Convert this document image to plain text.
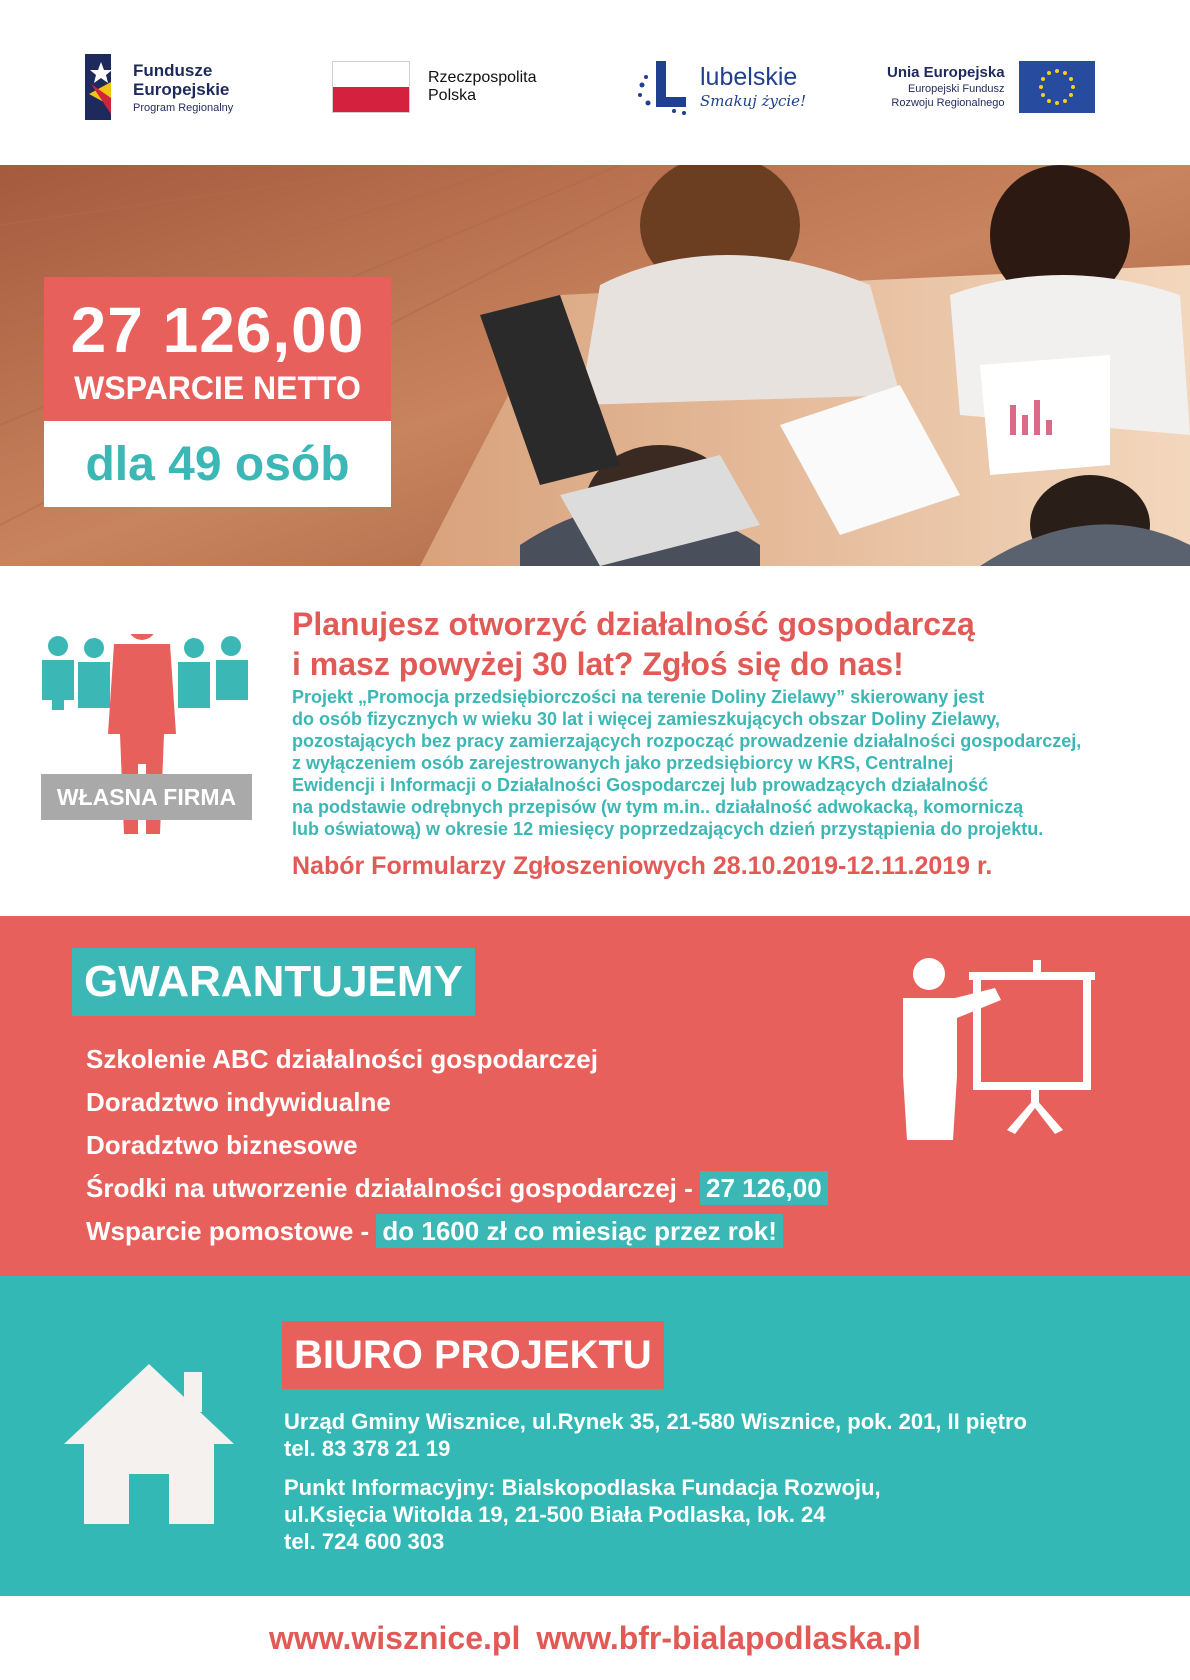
Fundusze
Europejskie
Program Regionalny
Rzeczpospolita
Polska
lubelskie
Smakuj życie!
Unia Europejska
Europejski Fundusz
Rozwoju Regionalnego
27 126,00
WSPARCIE NETTO
dla 49 osób
WŁASNA FIRMA
Planujesz otworzyć działalność gospodarczą
i masz powyżej 30 lat? Zgłoś się do nas!
Projekt „Promocja przedsiębiorczości na terenie Doliny Zielawy” skierowany jest
do osób fizycznych w wieku 30 lat i więcej zamieszkujących obszar Doliny Zielawy,
pozostających bez pracy zamierzających rozpocząć prowadzenie działalności gospodarczej,
z wyłączeniem osób zarejestrowanych jako przedsiębiorcy w KRS, Centralnej
Ewidencji i Informacji o Działalności Gospodarczej lub prowadzących działalność
na podstawie odrębnych przepisów (w tym m.in.. działalność adwokacką, komorniczą
lub oświatową) w okresie 12 miesięcy poprzedzających dzień przystąpienia do projektu.
Nabór Formularzy Zgłoszeniowych 28.10.2019-12.11.2019 r.
GWARANTUJEMY
Szkolenie ABC działalności gospodarczej
Doradztwo indywidualne
Doradztwo biznesowe
Środki na utworzenie działalności gospodarczej - 27 126,00
Wsparcie pomostowe - do 1600 zł co miesiąc przez rok!
BIURO PROJEKTU
Urząd Gminy Wisznice, ul.Rynek 35, 21-580 Wisznice, pok. 201, II piętro
tel. 83 378 21 19
Punkt Informacyjny: Bialskopodlaska Fundacja Rozwoju,
ul.Księcia Witolda 19, 21-500 Biała Podlaska, lok. 24
tel. 724 600 303
www.wisznice.pl www.bfr-bialapodlaska.pl
